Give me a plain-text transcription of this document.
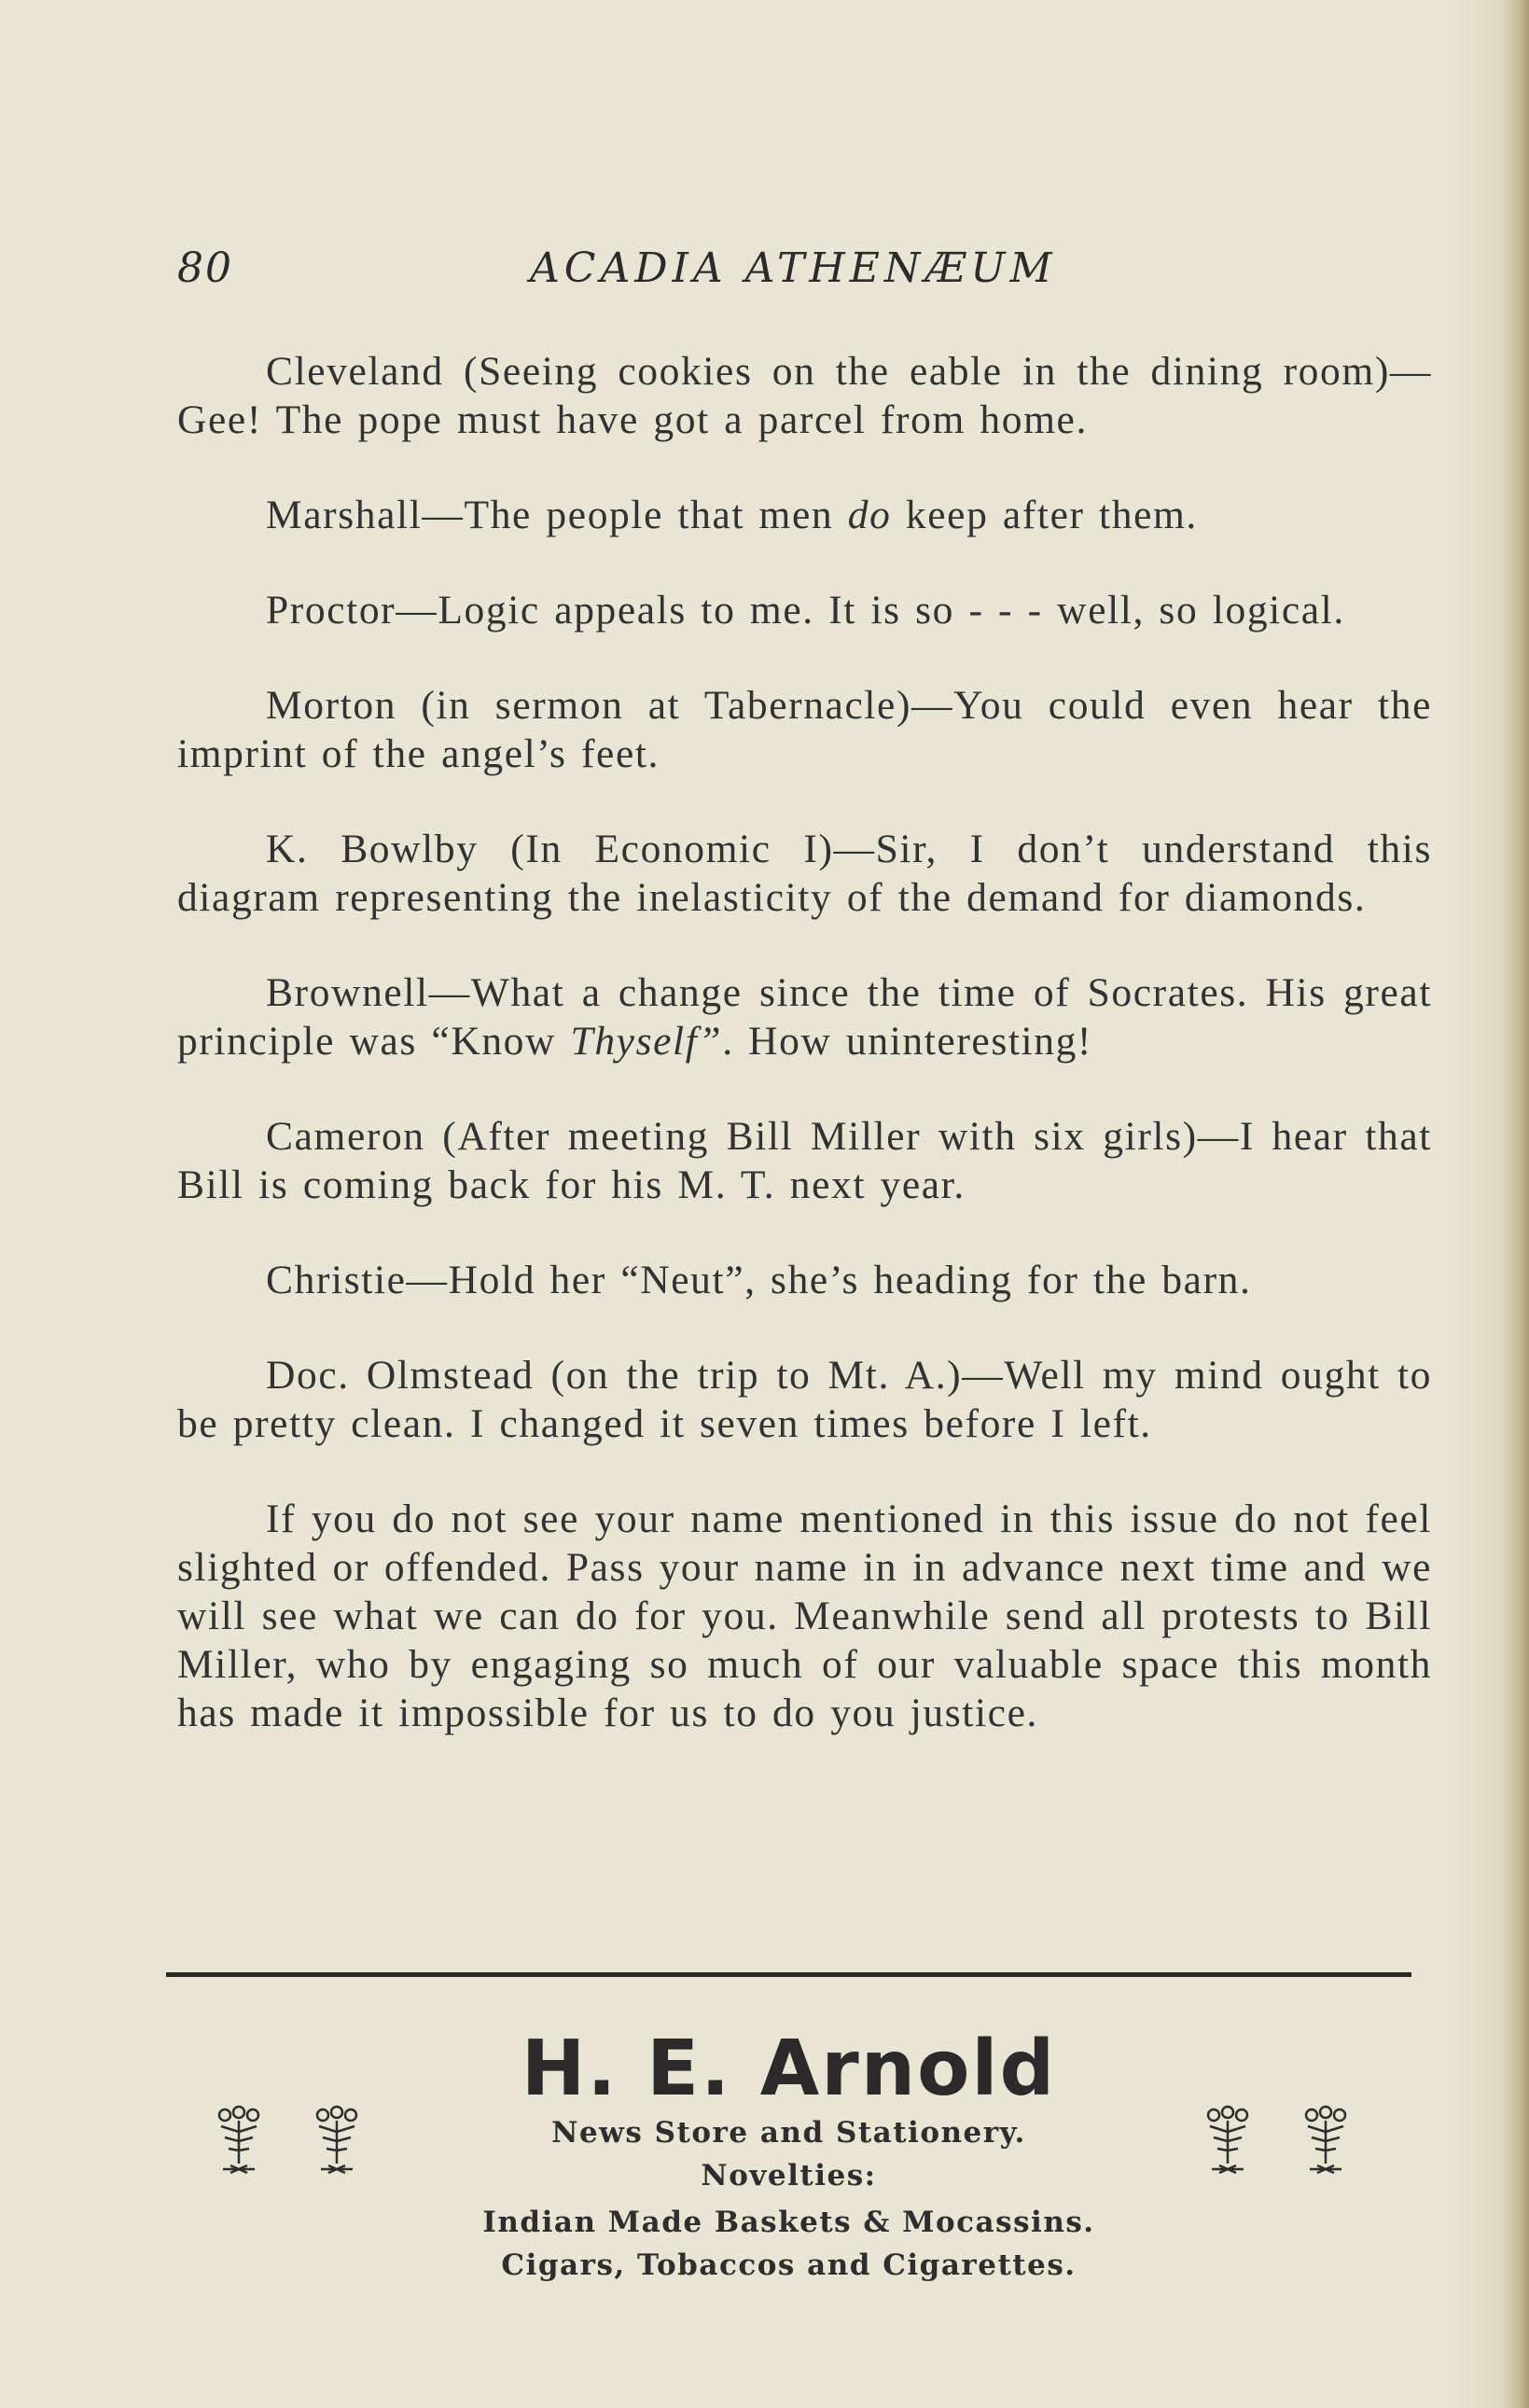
80	ACADIA ATHENÆUM

Cleveland (Seeing cookies on the eable in the dining room)—Gee! The pope must have got a parcel from home.

Marshall—The people that men do keep after them.

Proctor—Logic appeals to me. It is so - - - well, so logical.

Morton (in sermon at Tabernacle)—You could even hear the imprint of the angel’s feet.

K. Bowlby (In Economic I)—Sir, I don’t understand this diagram representing the inelasticity of the demand for diamonds.

Brownell—What a change since the time of Socrates. His great principle was “Know Thyself”. How uninteresting!

Cameron (After meeting Bill Miller with six girls)—I hear that Bill is coming back for his M. T. next year.

Christie—Hold her “Neut”, she’s heading for the barn.

Doc. Olmstead (on the trip to Mt. A.)—Well my mind ought to be pretty clean. I changed it seven times before I left.

If you do not see your name mentioned in this issue do not feel slighted or offended. Pass your name in in advance next time and we will see what we can do for you. Meanwhile send all protests to Bill Miller, who by engaging so much of our valuable space this month has made it impossible for us to do you justice.

H. E. Arnold
News Store and Stationery.
Novelties:
Indian Made Baskets & Mocassins.
Cigars, Tobaccos and Cigarettes.
